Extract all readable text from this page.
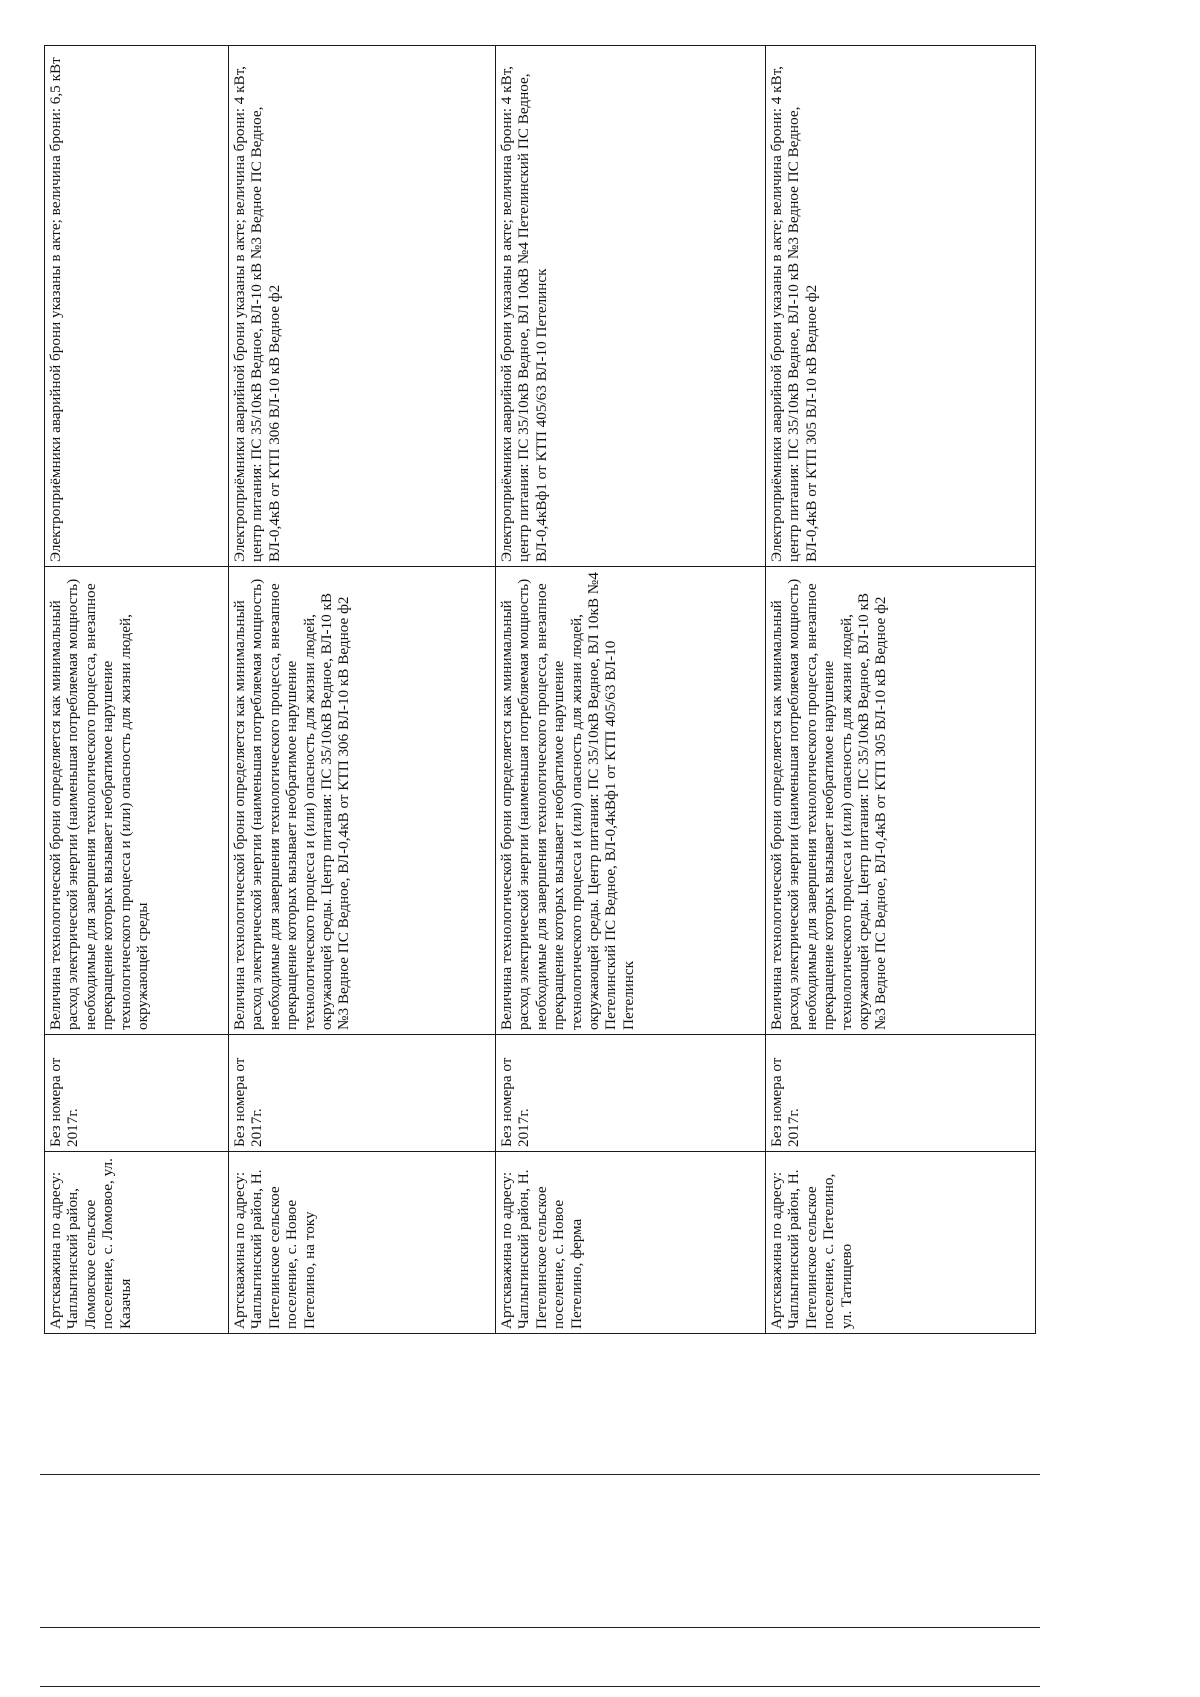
Артскважина по адресу: Чаплыгинский район, Ломовское сельское поселение, с. Ломовое, ул. Казачья	Без номера от 2017г.	Величина технологической брони определяется как минимальный расход электрической энергии (наименьшая потребляемая мощность) необходимые для завершения технологического процесса, внезапное прекращение которых вызывает необратимое нарушение технологического процесса и (или) опасность для жизни людей, окружающей среды	Электроприёмники аварийной брони указаны в акте; величина брони: 6,5 кВт
Артскважина по адресу: Чаплыгинский район, Н. Петелинское сельское поселение, с. Новое Петелино, на току	Без номера от 2017г.	Величина технологической брони определяется как минимальный расход электрической энергии (наименьшая потребляемая мощность) необходимые для завершения технологического процесса, внезапное прекращение которых вызывает необратимое нарушение технологического процесса и (или) опасность для жизни людей, окружающей среды. Центр питания: ПС 35/10кВ Ведное, ВЛ-10 кВ №3 Ведное ПС Ведное, ВЛ-0,4кВ от КТП 306 ВЛ-10 кВ Ведное ф2	Электроприёмники аварийной брони указаны в акте; величина брони: 4 кВт, центр питания: ПС 35/10кВ Ведное, ВЛ-10 кВ №3 Ведное ПС Ведное, ВЛ-0,4кВ от КТП 306 ВЛ-10 кВ Ведное ф2
Артскважина по адресу: Чаплыгинский район, Н. Петелинское сельское поселение, с. Новое Петелино, ферма	Без номера от 2017г.	Величина технологической брони определяется как минимальный расход электрической энергии (наименьшая потребляемая мощность) необходимые для завершения технологического процесса, внезапное прекращение которых вызывает необратимое нарушение технологического процесса и (или) опасность для жизни людей, окружающей среды. Центр питания: ПС 35/10кВ Ведное, ВЛ 10кВ №4 Петелинский ПС Ведное, ВЛ-0,4кВф1 от КТП 405/63 ВЛ-10 Петелинск	Электроприёмники аварийной брони указаны в акте; величина брони: 4 кВт, центр питания: ПС 35/10кВ Ведное, ВЛ 10кВ №4 Петелинский ПС Ведное, ВЛ-0,4кВф1 от КТП 405/63 ВЛ-10 Петелинск
Артскважина по адресу: Чаплыгинский район, Н. Петелинское сельское поселение, с. Петелино, ул. Татищево	Без номера от 2017г.	Величина технологической брони определяется как минимальный расход электрической энергии (наименьшая потребляемая мощность) необходимые для завершения технологического процесса, внезапное прекращение которых вызывает необратимое нарушение технологического процесса и (или) опасность для жизни людей, окружающей среды. Центр питания: ПС 35/10кВ Ведное, ВЛ-10 кВ №3 Ведное ПС Ведное, ВЛ-0,4кВ от КТП 305 ВЛ-10 кВ Ведное ф2	Электроприёмники аварийной брони указаны в акте; величина брони: 4 кВт, центр питания: ПС 35/10кВ Ведное, ВЛ-10 кВ №3 Ведное ПС Ведное, ВЛ-0,4кВ от КТП 305 ВЛ-10 кВ Ведное ф2
